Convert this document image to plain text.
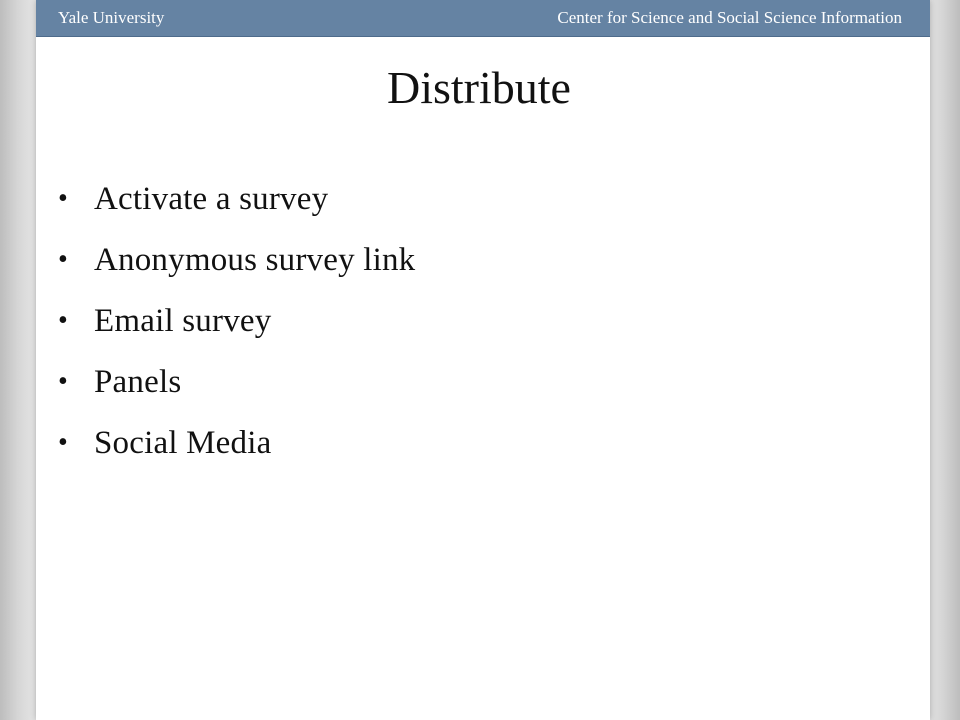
Yale University	Center for Science and Social Science Information
Distribute
• Activate a survey
• Anonymous survey link
• Email survey
• Panels
• Social Media
